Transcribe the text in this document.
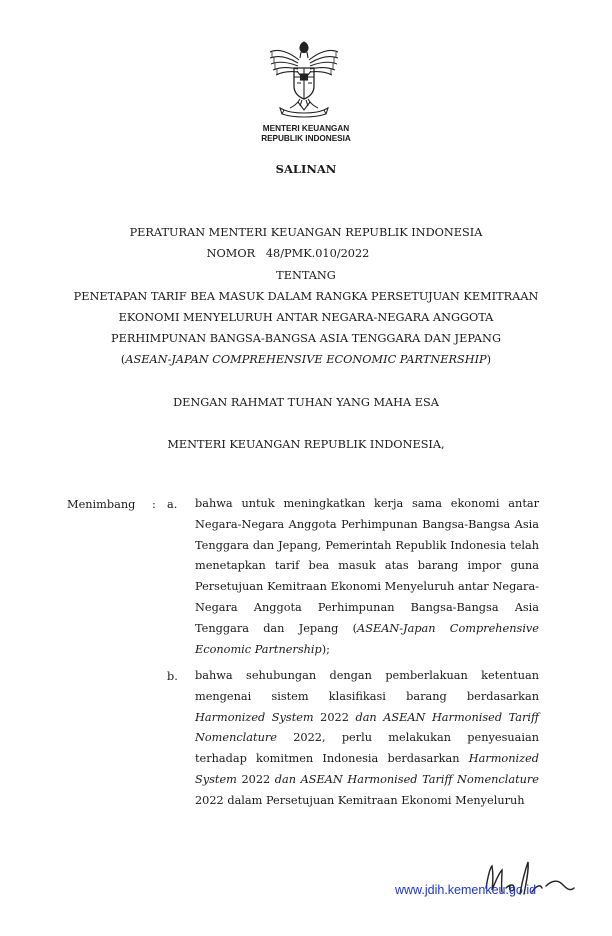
MENTERI KEUANGAN
REPUBLIK INDONESIA
SALINAN
PERATURAN MENTERI KEUANGAN REPUBLIK INDONESIA
NOMOR   48/PMK.010/2022
TENTANG
PENETAPAN TARIF BEA MASUK DALAM RANGKA PERSETUJUAN KEMITRAAN
EKONOMI MENYELURUH ANTAR NEGARA-NEGARA ANGGOTA
PERHIMPUNAN BANGSA-BANGSA ASIA TENGGARA DAN JEPANG
(ASEAN-JAPAN COMPREHENSIVE ECONOMIC PARTNERSHIP)
DENGAN RAHMAT TUHAN YANG MAHA ESA
MENTERI KEUANGAN REPUBLIK INDONESIA,
Menimbang : a. bahwa untuk meningkatkan kerja sama ekonomi antar Negara-Negara Anggota Perhimpunan Bangsa-Bangsa Asia Tenggara dan Jepang, Pemerintah Republik Indonesia telah menetapkan tarif bea masuk atas barang impor guna Persetujuan Kemitraan Ekonomi Menyeluruh antar Negara-Negara Anggota Perhimpunan Bangsa-Bangsa Asia Tenggara dan Jepang (ASEAN-Japan Comprehensive Economic Partnership);
b. bahwa sehubungan dengan pemberlakuan ketentuan mengenai sistem klasifikasi barang berdasarkan Harmonized System 2022 dan ASEAN Harmonised Tariff Nomenclature 2022, perlu melakukan penyesuaian terhadap komitmen Indonesia berdasarkan Harmonized System 2022 dan ASEAN Harmonised Tariff Nomenclature 2022 dalam Persetujuan Kemitraan Ekonomi Menyeluruh
www.jdih.kemenkeu.go.id
